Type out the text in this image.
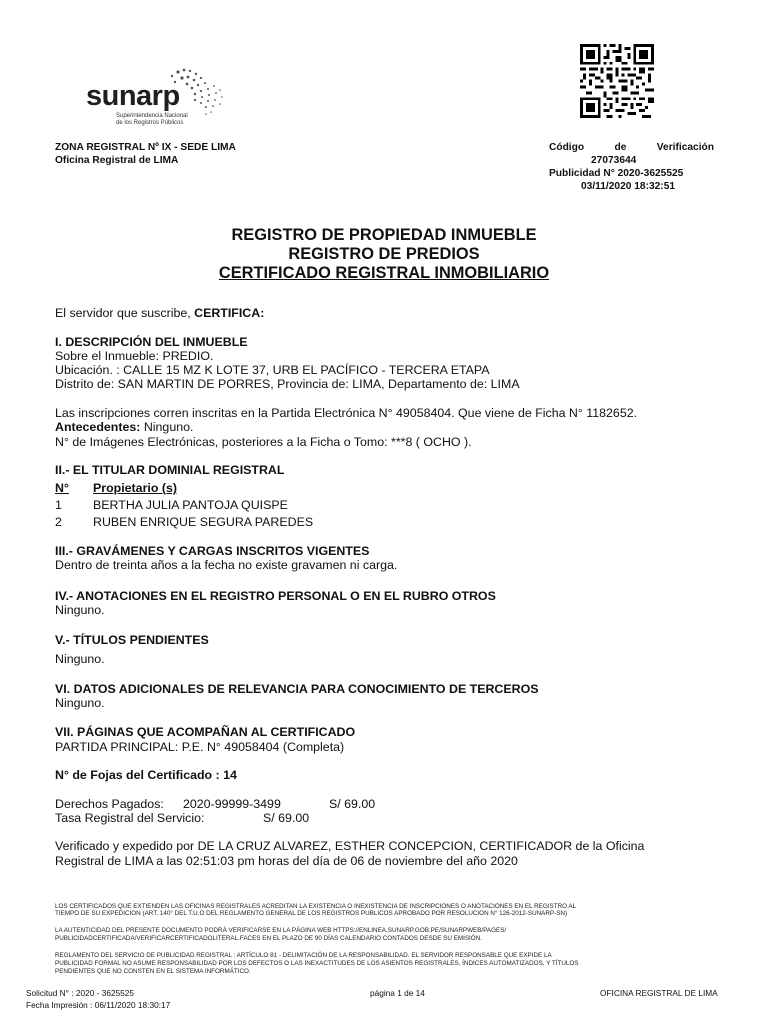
sunarp
Superintendencia Nacional
de los Registros Públicos
ZONA REGISTRAL Nº IX - SEDE LIMA
Oficina Registral de LIMA
Código	de	Verificación
27073644
Publicidad N° 2020-3625525
03/11/2020 18:32:51
REGISTRO DE PROPIEDAD INMUEBLE
REGISTRO DE PREDIOS
CERTIFICADO REGISTRAL INMOBILIARIO
El servidor que suscribe, CERTIFICA:
I. DESCRIPCIÓN DEL INMUEBLE
Sobre el Inmueble: PREDIO.
Ubicación. : CALLE 15 MZ K LOTE 37, URB EL PACÍFICO - TERCERA ETAPA
Distrito de: SAN MARTIN DE PORRES, Provincia de: LIMA, Departamento de: LIMA
Las inscripciones corren inscritas en la Partida Electrónica N° 49058404. Que viene de Ficha N° 1182652.
Antecedentes: Ninguno.
N° de Imágenes Electrónicas, posteriores a la Ficha o Tomo: ***8 ( OCHO ).
II.- EL TITULAR DOMINIAL REGISTRAL
N° Propietario (s)
1	BERTHA JULIA PANTOJA QUISPE
2	RUBEN ENRIQUE SEGURA PAREDES
III.- GRAVÁMENES Y CARGAS INSCRITOS VIGENTES
Dentro de treinta años a la fecha no existe gravamen ni carga.
IV.- ANOTACIONES EN EL REGISTRO PERSONAL O EN EL RUBRO OTROS
Ninguno.
V.- TÍTULOS PENDIENTES
Ninguno.
VI. DATOS ADICIONALES DE RELEVANCIA PARA CONOCIMIENTO DE TERCEROS
Ninguno.
VII. PÁGINAS QUE ACOMPAÑAN AL CERTIFICADO
PARTIDA PRINCIPAL: P.E. N° 49058404 (Completa)
N° de Fojas del Certificado : 14
Derechos Pagados: 2020-99999-3499	S/ 69.00
Tasa Registral del Servicio:	S/ 69.00
Verificado y expedido por DE LA CRUZ ALVAREZ, ESTHER CONCEPCION, CERTIFICADOR de la Oficina
Registral de LIMA a las 02:51:03 pm horas del día de 06 de noviembre del año 2020
LOS CERTIFICADOS QUE EXTIENDEN LAS OFICINAS REGISTRALES ACREDITAN LA EXISTENCIA O INEXISTENCIA DE INSCRIPCIONES O ANOTACIONES EN EL REGISTRO AL
TIEMPO DE SU EXPEDICION (ART. 140° DEL T.U.O DEL REGLAMENTO GENERAL DE LOS REGISTROS PUBLICOS APROBADO POR RESOLUCION N° 126-2012-SUNARP-SN)
LA AUTENTICIDAD DEL PRESENTE DOCUMENTO PODRÁ VERIFICARSE EN LA PÁGINA WEB HTTPS://ENLINEA.SUNARP.GOB.PE/SUNARPWEB/PAGES/
PUBLICIDADCERTIFICADA/VERIFICARCERTIFICADOLITERAL.FACES EN EL PLAZO DE 90 DÍAS CALENDARIO CONTADOS DESDE SU EMISIÓN.
REGLAMENTO DEL SERVICIO DE PUBLICIDAD REGISTRAL : ARTÍCULO 81 - DELIMITACIÓN DE LA RESPONSABILIDAD. EL SERVIDOR RESPONSABLE QUE EXPIDE LA
PUBLICIDAD FORMAL NO ASUME RESPONSABILIDAD POR LOS DEFECTOS O LAS INEXACTITUDES DE LOS ASIENTOS REGISTRALES, ÍNDICES AUTOMATIZADOS, Y TÍTULOS
PENDIENTES QUE NO CONSTEN EN EL SISTEMA INFORMÁTICO.
Solicitud N° : 2020 - 3625525
Fecha Impresión : 06/11/2020 18:30:17
página 1 de 14	OFICINA REGISTRAL DE LIMA
